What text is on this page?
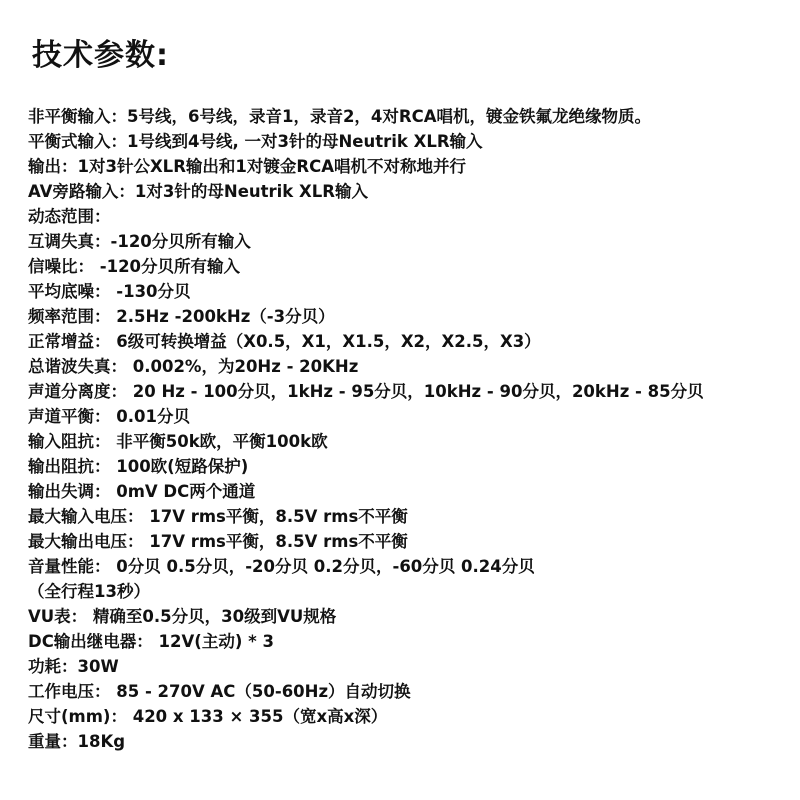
技术参数:
非平衡输入：5号线，6号线，录音1，录音2，4对RCA唱机，镀金铁氟龙绝缘物质。
平衡式输入：1号线到4号线, 一对3针的母Neutrik XLR输入
输出：1对3针公XLR输出和1对镀金RCA唱机不对称地并行
AV旁路输入：1对3针的母Neutrik XLR输入
动态范围：
互调失真：-120分贝所有输入
信噪比： -120分贝所有输入
平均底噪： -130分贝
频率范围： 2.5Hz -200kHz（-3分贝）
正常增益： 6级可转换增益（X0.5，X1，X1.5，X2，X2.5，X3）
总谐波失真： 0.002%，为20Hz - 20KHz
声道分离度： 20 Hz - 100分贝，1kHz - 95分贝，10kHz - 90分贝，20kHz - 85分贝
声道平衡： 0.01分贝
输入阻抗： 非平衡50k欧，平衡100k欧
输出阻抗： 100欧(短路保护)
输出失调： 0mV DC两个通道
最大输入电压： 17V rms平衡，8.5V rms不平衡
最大输出电压： 17V rms平衡，8.5V rms不平衡
音量性能： 0分贝 0.5分贝，-20分贝 0.2分贝，-60分贝 0.24分贝
（全行程13秒）
VU表： 精确至0.5分贝，30级到VU规格
DC输出继电器： 12V(主动) * 3
功耗：30W
工作电压： 85 - 270V AC（50-60Hz）自动切换
尺寸(mm)： 420 x 133 × 355（宽x高x深）
重量：18Kg
